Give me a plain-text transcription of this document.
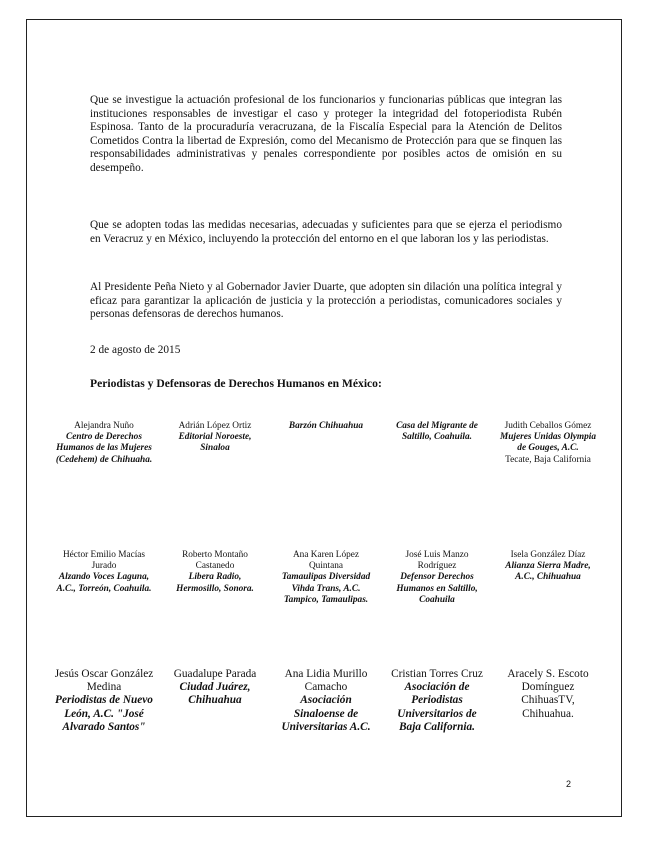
Que se investigue la actuación profesional de los funcionarios y funcionarias públicas que integran las instituciones responsables de investigar el caso y proteger la integridad del fotoperiodista Rubén Espinosa. Tanto de la procuraduría veracruzana, de la Fiscalía Especial para la Atención de Delitos Cometidos Contra la libertad de Expresión, como del Mecanismo de Protección para que se finquen las responsabilidades administrativas y penales correspondiente por posibles actos de omisión en su desempeño.

Que se adopten todas las medidas necesarias, adecuadas y suficientes para que se ejerza el periodismo en Veracruz y en México, incluyendo la protección del entorno en el que laboran los y las periodistas.

Al Presidente Peña Nieto y al Gobernador Javier Duarte, que adopten sin dilación una política integral y eficaz para garantizar la aplicación de justicia y la protección a periodistas, comunicadores sociales y personas defensoras de derechos humanos.

2 de agosto de 2015

Periodistas y Defensoras de Derechos Humanos en México:

Alejandra Nuño
Centro de Derechos Humanos de las Mujeres (Cedehem) de Chihuaha.
Adrián López Ortiz
Editorial Noroeste, Sinaloa
Barzón Chihuahua	Casa del Migrante de Saltillo, Coahuila.
Judith Ceballos Gómez
Mujeres Unidas Olympia de Gouges, A.C.
Tecate, Baja California
Héctor Emilio Macías Jurado
Alzando Voces Laguna, A.C., Torreón, Coahuila.
Roberto Montaño Castanedo
Libera Radio, Hermosillo, Sonora.
Ana Karen López Quintana
Tamaulipas Diversidad Vihda Trans, A.C. Tampico, Tamaulipas.
José Luis Manzo Rodríguez
Defensor Derechos Humanos en Saltillo, Coahuila
Isela González Díaz
Alianza Sierra Madre, A.C., Chihuahua
Jesús Oscar González Medina
Periodistas de Nuevo León, A.C. "José Alvarado Santos"
Guadalupe Parada
Ciudad Juárez, Chihuahua
Ana Lidia Murillo Camacho
Asociación Sinaloense de Universitarias A.C.
Cristian Torres Cruz
Asociación de Periodistas Universitarios de Baja California.
Aracely S. Escoto Domínguez
ChihuasTV, Chihuahua.
2
